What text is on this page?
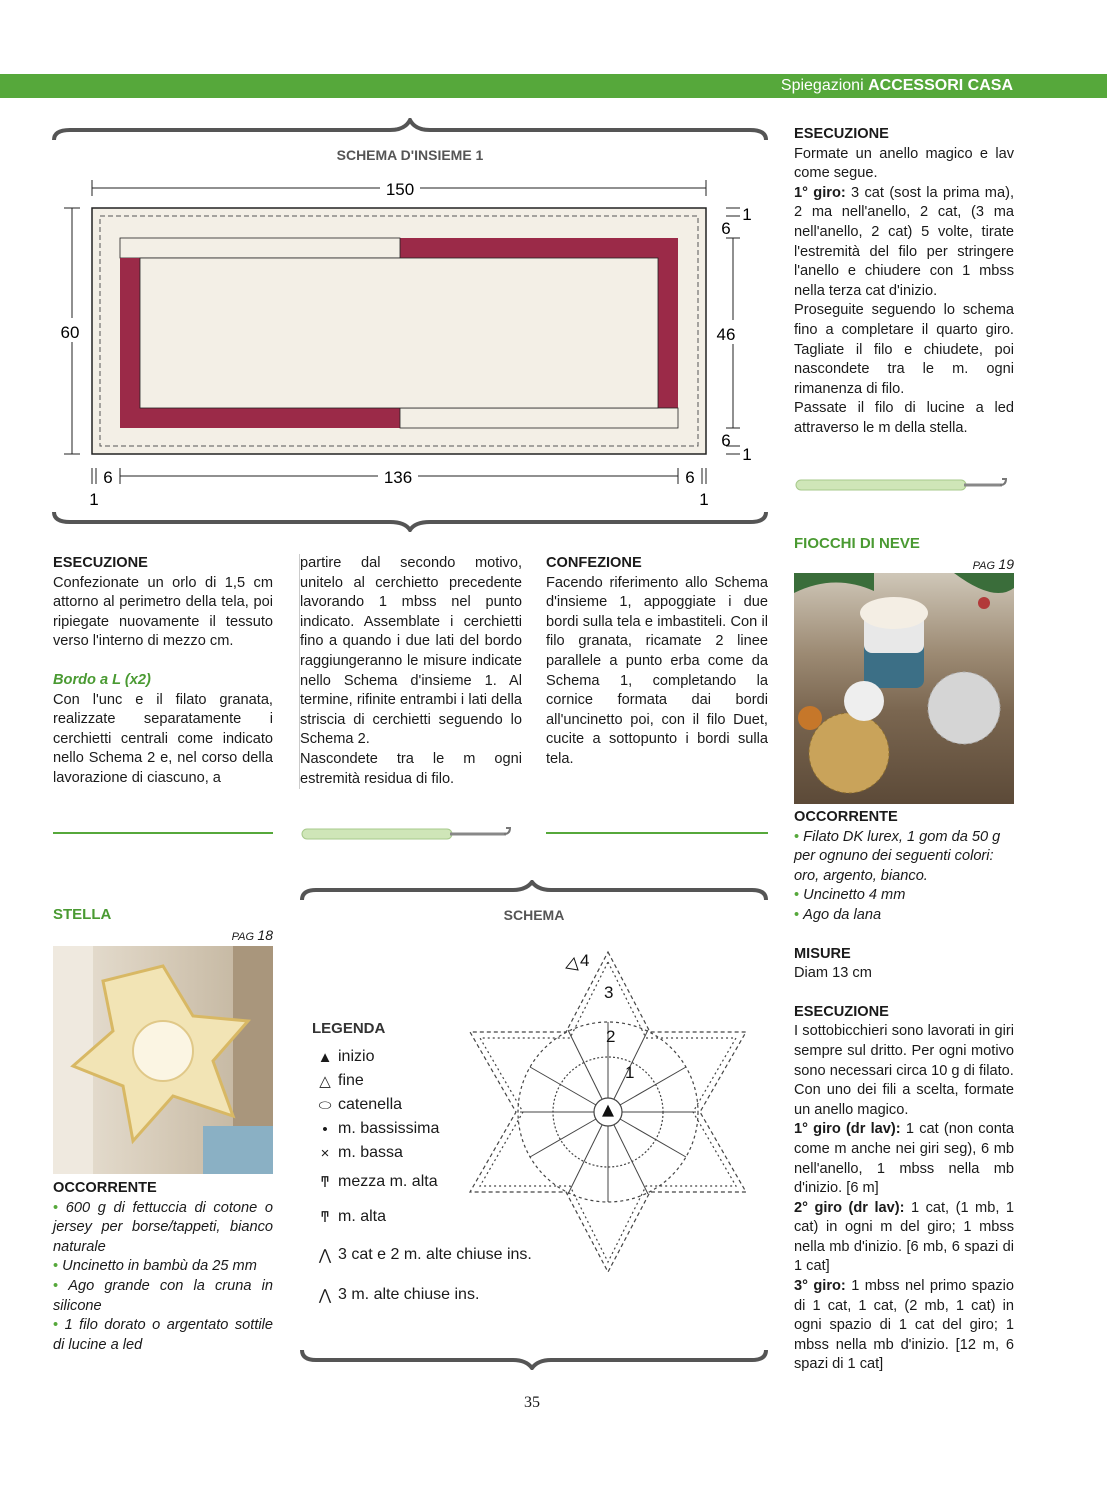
Spiegazioni ACCESSORI CASA
SCHEMA D'INSIEME 1
150
60	46
1
6
6
1
136
6	6
1	1

ESECUZIONE

Confezionate un orlo di 1,5 cm attorno al perimetro della tela, poi ripiegate nuovamente il tessuto verso l'interno di mezzo cm.

Bordo a L (x2)

Con l'unc e il filato granata, realizzate separatamente i cerchietti centrali come indicato nello Schema 2 e, nel corso della lavorazione di ciascuno, a

partire dal secondo motivo, unitelo al cerchietto precedente lavorando 1 mbss nel punto indicato. Assemblate i cerchietti fino a quando i due lati del bordo raggiungeranno le misure indicate nello Schema d'insieme 1. Al termine, rifinite entrambi i lati della striscia di cerchietti seguendo lo Schema 2.

Nascondete tra le m ogni estremità residua di filo.

CONFEZIONE

Facendo riferimento allo Schema d'insieme 1, appoggiate i due bordi sulla tela e imbastiteli. Con il filo granata, ricamate 2 linee parallele a punto erba come da Schema 1, completando la cornice formata dai bordi all'uncinetto poi, con il filo Duet, cucite a sottopunto i bordi sulla tela.

ESECUZIONE

Formate un anello magico e lav come segue.

1° giro: 3 cat (sost la prima ma), 2 ma nell'anello, 2 cat, (3 ma nell'anello, 2 cat) 5 volte, tirate l'estremità del filo per stringere l'anello e chiudere con 1 mbss nella terza cat d'inizio.

Proseguite seguendo lo schema fino a completare il quarto giro. Tagliate il filo e chiudete, poi nascondete tra le m. ogni rimanenza di filo.

Passate il filo di lucine a led attraverso le m della stella.

FIOCCHI DI NEVE
PAG 19

OCCORRENTE

• Filato DK lurex, 1 gom da 50 g per ognuno dei seguenti colori: oro, argento, bianco.

• Uncinetto 4 mm

• Ago da lana

MISURE

Diam 13 cm

ESECUZIONE

I sottobicchieri sono lavorati in giri sempre sul dritto. Per ogni motivo sono necessari circa 10 g di filato.

Con uno dei fili a scelta, formate un anello magico.

1° giro (dr lav): 1 cat (non conta come m anche nei giri seg), 6 mb nell'anello, 1 mbss nella mb d'inizio. [6 m]

2° giro (dr lav): 1 cat, (1 mb, 1 cat) in ogni m del giro; 1 mbss nella mb d'inizio. [6 mb, 6 spazi di 1 cat]

3° giro: 1 mbss nel primo spazio di 1 cat, 1 cat, (2 mb, 1 cat) in ogni spazio di 1 cat del giro; 1 mbss nella mb d'inizio. [12 m, 6 spazi di 1 cat]

STELLA
PAG 18

OCCORRENTE

• 600 g di fettuccia di cotone o jersey per borse/tappeti, bianco naturale

• Uncinetto in bambù da 25 mm

• Ago grande con la cruna in silicone

• 1 filo dorato o argentato sottile di lucine a led

SCHEMA
1
2
3
4
LEGENDA
▲ inizio
△ fine
⬭ catenella
• m. bassissima
× m. bassa
ͳ mezza m. alta
ͳ m. alta
⋀ 3 cat e 2 m. alte chiuse ins.
⋀ 3 m. alte chiuse ins.
35
